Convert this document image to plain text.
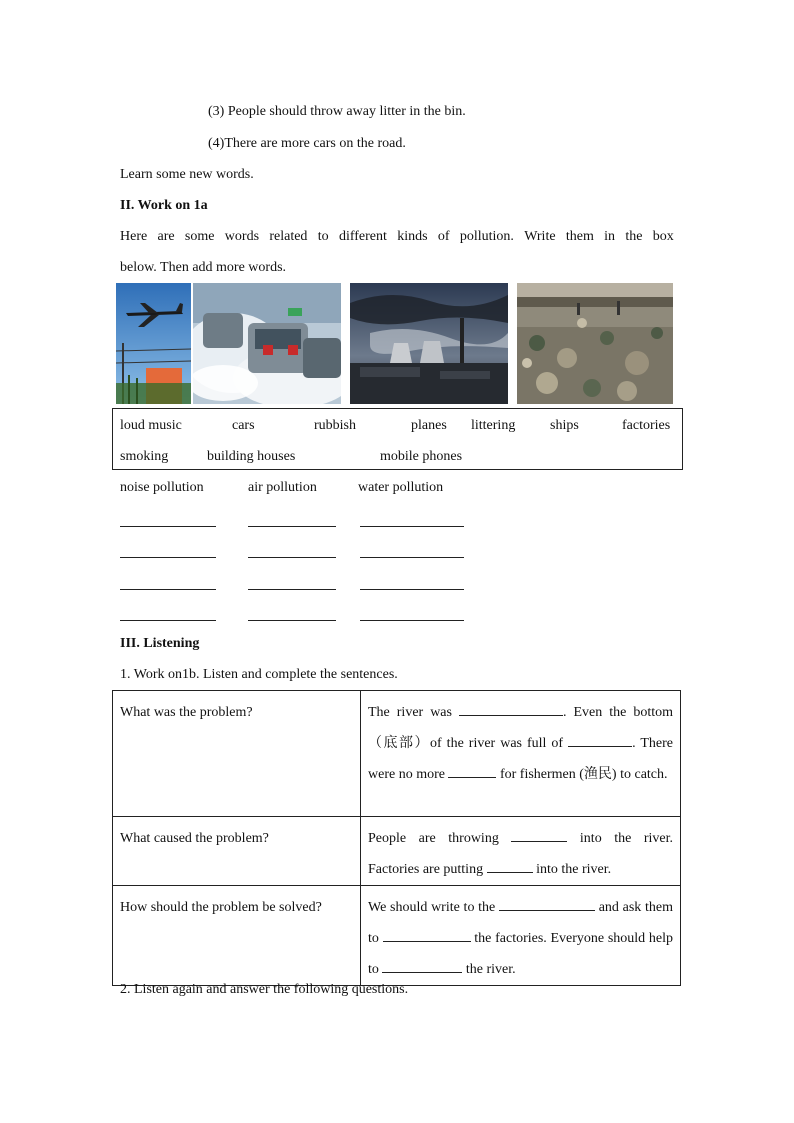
(3) People should throw away litter in the bin.
(4)There are more cars on the road.
Learn some new words.
II. Work on 1a
Here are some words related to different kinds of pollution. Write them in the box
below. Then add more words.
loud music	cars	rubbish	planes littering ships	factories
smoking	building houses	mobile phones
noise pollution	air pollution	water pollution
III. Listening
1. Work on1b. Listen and complete the sentences.
What was the problem?	The river was . Even the bottom（底部）of the river was full of . There were no more for fishermen (渔民) to catch.

What caused the problem?	People are throwing into the river. Factories are putting into the river.

How should the problem be solved?	We should write to the and ask them to the factories. Everyone should help to the river.
2. Listen again and answer the following questions.
